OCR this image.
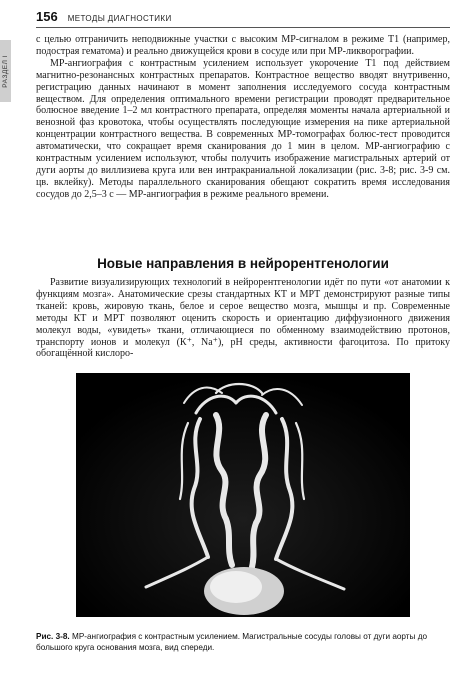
РАЗДЕЛ I
156 МЕТОДЫ ДИАГНОСТИКИ

с целью отграничить неподвижные участки с высоким МР-сигналом в режиме Т1 (например, подострая гематома) и реально движущейся крови в сосуде или при МР-ликворографии.

МР-ангиография с контрастным усилением использует укорочение Т1 под действием магнитно-резонансных контрастных препаратов. Контрастное вещество вводят внутривенно, регистрацию данных начинают в момент заполнения исследуемого сосуда контрастным веществом. Для определения оптимального времени регистрации проводят предварительное болюсное введение 1–2 мл контрастного препарата, определяя моменты начала артериальной и венозной фаз кровотока, чтобы осуществлять последующие измерения на пике артериальной концентрации контрастного вещества. В современных МР-томографах болюс-тест проводится автоматически, что сокращает время сканирования до 1 мин в целом. МР-ангиографию с контрастным усилением используют, чтобы получить изображение магистральных артерий от дуги аорты до виллизиева круга или вен интракраниальной локализации (рис. 3-8; рис. 3-9 см. цв. вклейку). Методы параллельного сканирования обещают сократить время исследования сосудов до 2,5–3 с — МР-ангиография в режиме реального времени.

Новые направления в нейрорентгенологии

Развитие визуализирующих технологий в нейрорентгенологии идёт по пути «от анатомии к функциям мозга». Анатомические срезы стандартных КТ и МРТ демонстрируют разные типы тканей: кровь, жировую ткань, белое и серое вещество мозга, мышцы и пр. Современные методы КТ и МРТ позволяют оценить скорость и ориентацию диффузионного движения молекул воды, «увидеть» ткани, отличающиеся по обменному взаимодействию протонов, транспорту ионов и молекул (К⁺, Na⁺), pH среды, активности фагоцитоза. По притоку обогащённой кислоро-

Рис. 3-8. МР-ангиография с контрастным усилением. Магистральные сосуды головы от дуги аорты до большого круга основания мозга, вид спереди.
